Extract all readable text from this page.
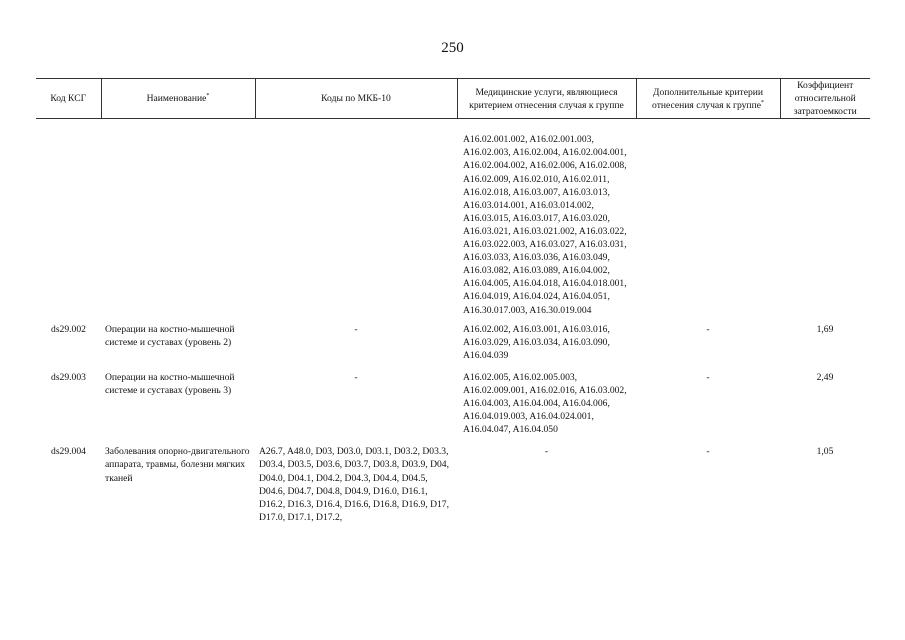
250
Код КСГ	Наименование*	Коды по МКБ-10	Медицинские услуги, являющиеся критерием отнесения случая к группе	Дополнительные критерии отнесения случая к группе*	Коэффициент относительной затратоемкости
			A16.02.001.002, A16.02.001.003, A16.02.003, A16.02.004, A16.02.004.001, A16.02.004.002, A16.02.006, A16.02.008, A16.02.009, A16.02.010, A16.02.011, A16.02.018, A16.03.007, A16.03.013, A16.03.014.001, A16.03.014.002, A16.03.015, A16.03.017, A16.03.020, A16.03.021, A16.03.021.002, A16.03.022, A16.03.022.003, A16.03.027, A16.03.031, A16.03.033, A16.03.036, A16.03.049, A16.03.082, A16.03.089, A16.04.002, A16.04.005, A16.04.018, A16.04.018.001, A16.04.019, A16.04.024, A16.04.051, A16.30.017.003, A16.30.019.004		
ds29.002	Операции на костно-мышечной системе и суставах (уровень 2)	-	A16.02.002, A16.03.001, A16.03.016, A16.03.029, A16.03.034, A16.03.090, A16.04.039	-	1,69
ds29.003	Операции на костно-мышечной системе и суставах (уровень 3)	-	A16.02.005, A16.02.005.003, A16.02.009.001, A16.02.016, A16.03.002, A16.04.003, A16.04.004, A16.04.006, A16.04.019.003, A16.04.024.001, A16.04.047, A16.04.050	-	2,49
ds29.004	Заболевания опорно-двигательного аппарата, травмы, болезни мягких тканей	A26.7, A48.0, D03, D03.0, D03.1, D03.2, D03.3, D03.4, D03.5, D03.6, D03.7, D03.8, D03.9, D04, D04.0, D04.1, D04.2, D04.3, D04.4, D04.5, D04.6, D04.7, D04.8, D04.9, D16.0, D16.1, D16.2, D16.3, D16.4, D16.6, D16.8, D16.9, D17, D17.0, D17.1, D17.2,	-	-	1,05
